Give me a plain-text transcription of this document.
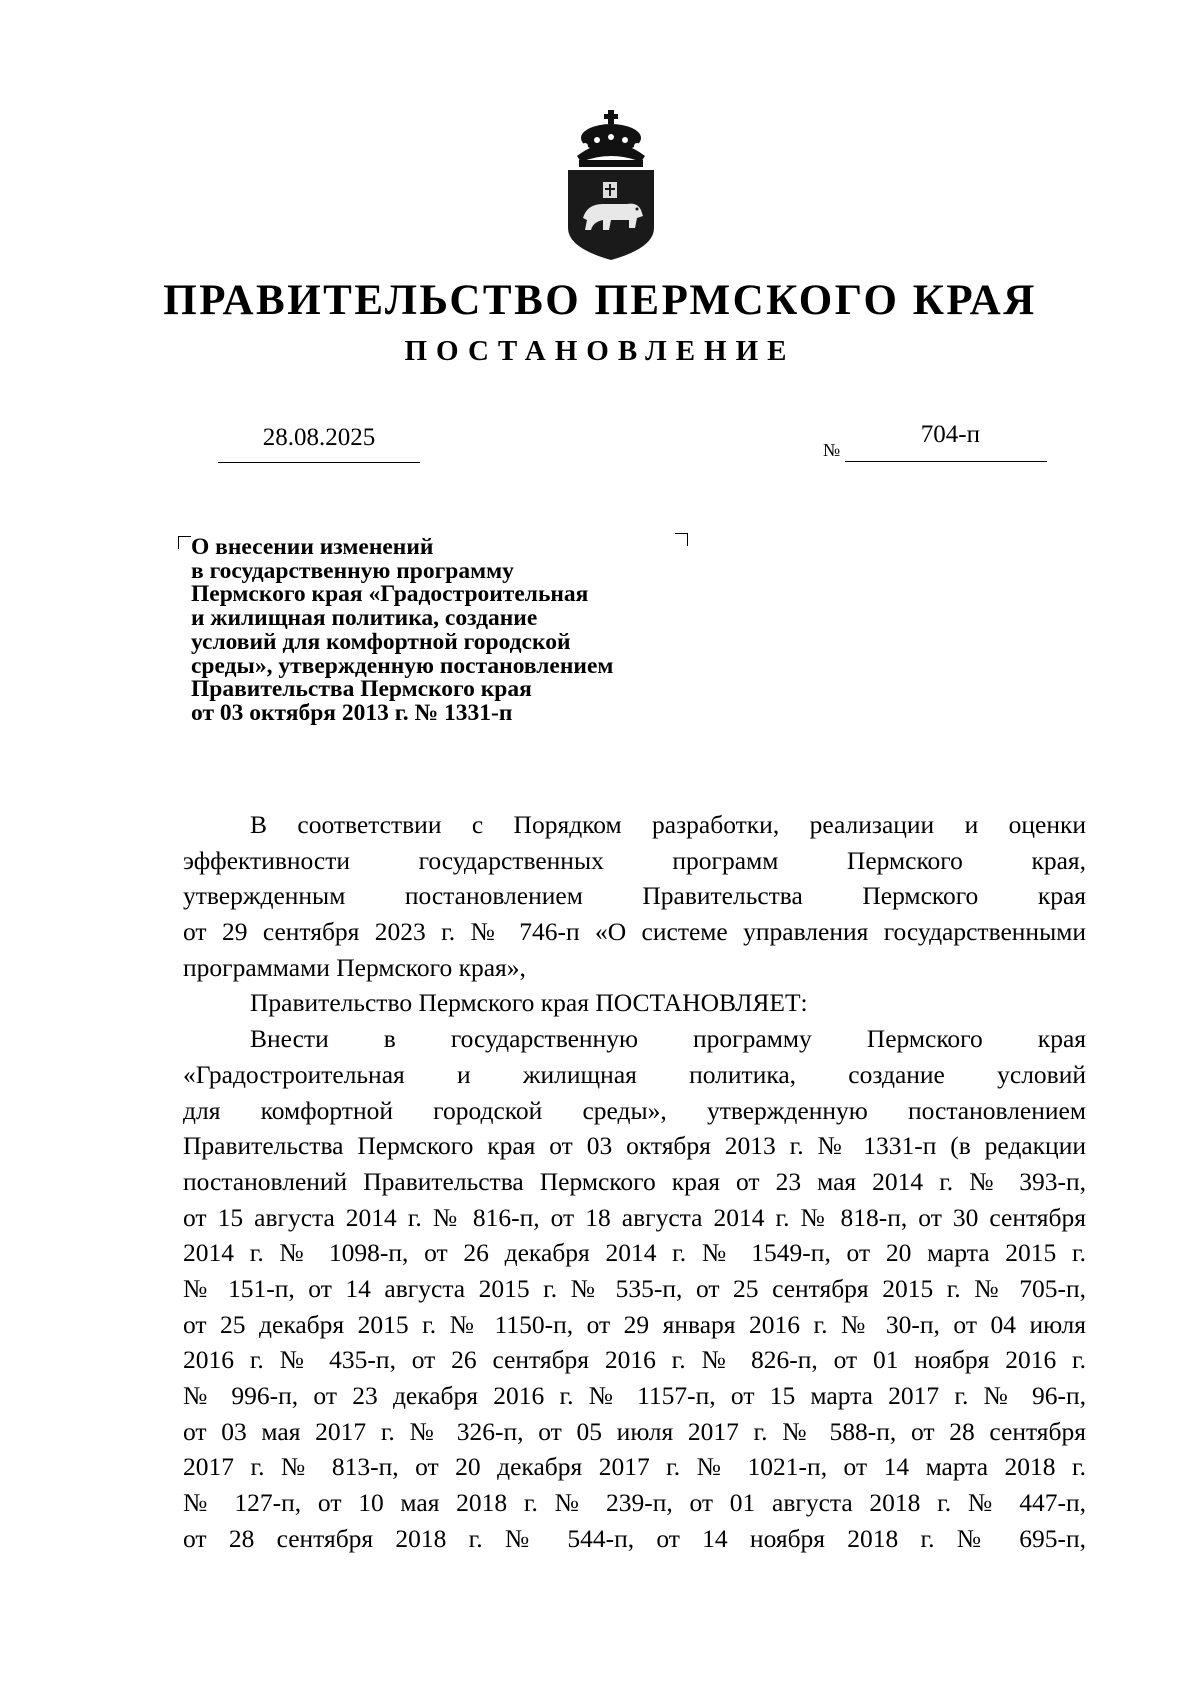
ПРАВИТЕЛЬСТВО ПЕРМСКОГО КРАЯ
ПОСТАНОВЛЕНИЕ
28.08.2025	№
704-п
О внесении изменений
в государственную программу
Пермского края «Градостроительная
и жилищная политика, создание
условий для комфортной городской
среды», утвержденную постановлением
Правительства Пермского края
от 03 октября 2013 г. № 1331-п
В соответствии с Порядком разработки, реализации и оценки
эффективности государственных программ Пермского края,
утвержденным постановлением Правительства Пермского края
от 29 сентября 2023 г. № 746-п «О системе управления государственными
программами Пермского края»,
Правительство Пермского края ПОСТАНОВЛЯЕТ:
Внести в государственную программу Пермского края
«Градостроительная и жилищная политика, создание условий
для комфортной городской среды», утвержденную постановлением
Правительства Пермского края от 03 октября 2013 г. № 1331-п (в редакции
постановлений Правительства Пермского края от 23 мая 2014 г. № 393-п,
от 15 августа 2014 г. № 816-п, от 18 августа 2014 г. № 818-п, от 30 сентября
2014 г. № 1098-п, от 26 декабря 2014 г. № 1549-п, от 20 марта 2015 г.
№ 151-п, от 14 августа 2015 г. № 535-п, от 25 сентября 2015 г. № 705-п,
от 25 декабря 2015 г. № 1150-п, от 29 января 2016 г. № 30-п, от 04 июля
2016 г. № 435-п, от 26 сентября 2016 г. № 826-п, от 01 ноября 2016 г.
№ 996-п, от 23 декабря 2016 г. № 1157-п, от 15 марта 2017 г. № 96-п,
от 03 мая 2017 г. № 326-п, от 05 июля 2017 г. № 588-п, от 28 сентября
2017 г. № 813-п, от 20 декабря 2017 г. № 1021-п, от 14 марта 2018 г.
№ 127-п, от 10 мая 2018 г. № 239-п, от 01 августа 2018 г. № 447-п,
от 28 сентября 2018 г. № 544-п, от 14 ноября 2018 г. № 695-п,
